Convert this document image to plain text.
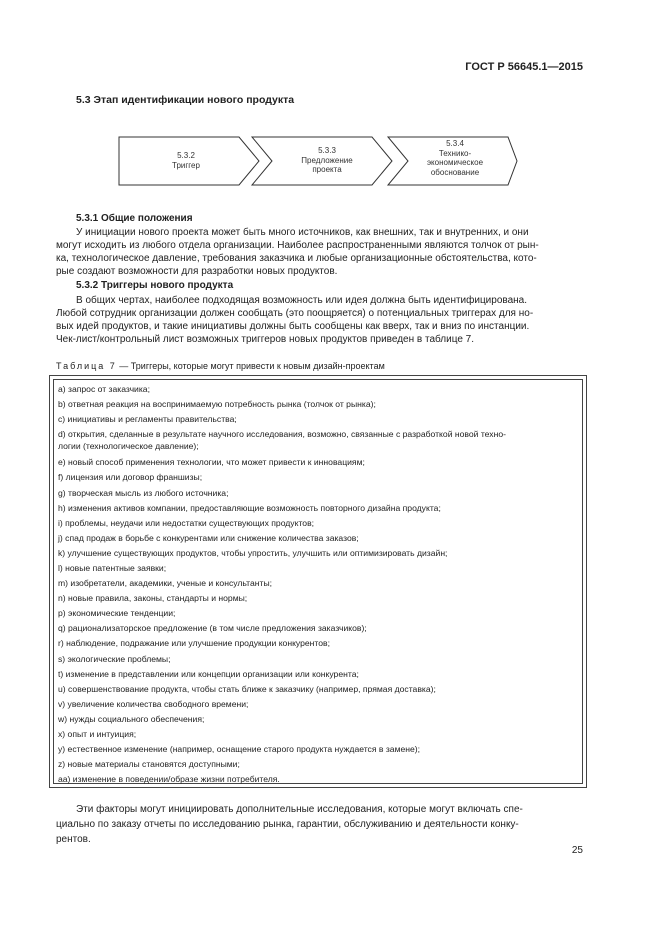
ГОСТ Р 56645.1—2015
5.3 Этап идентификации нового продукта
5.3.2
Триггер
5.3.3
Предложение
проекта
5.3.4
Технико-
экономическое
обоснование
5.3.1 Общие положения
У инициации нового проекта может быть много источников, как внешних, так и внутренних, и они
могут исходить из любого отдела организации. Наиболее распространенными являются толчок от рын-
ка, технологическое давление, требования заказчика и любые организационные обстоятельства, кото-
рые создают возможности для разработки новых продуктов.
5.3.2 Триггеры нового продукта
В общих чертах, наиболее подходящая возможность или идея должна быть идентифицирована.
Любой сотрудник организации должен сообщать (это поощряется) о потенциальных триггерах для но-
вых идей продуктов, и такие инициативы должны быть сообщены как вверх, так и вниз по инстанции.
Чек-лист/контрольный лист возможных триггеров новых продуктов приведен в таблице 7.
Таблица 7 — Триггеры, которые могут привести к новым дизайн-проектам
a) запрос от заказчика;
b) ответная реакция на воспринимаемую потребность рынка (толчок от рынка);
c) инициативы и регламенты правительства;
d) открытия, сделанные в результате научного исследования, возможно, связанные с разработкой новой техно-
логии (технологическое давление);
e) новый способ применения технологии, что может привести к инновациям;
f) лицензия или договор франшизы;
g) творческая мысль из любого источника;
h) изменения активов компании, предоставляющие возможность повторного дизайна продукта;
i) проблемы, неудачи или недостатки существующих продуктов;
j) спад продаж в борьбе с конкурентами или снижение количества заказов;
k) улучшение существующих продуктов, чтобы упростить, улучшить или оптимизировать дизайн;
l) новые патентные заявки;
m) изобретатели, академики, ученые и консультанты;
n) новые правила, законы, стандарты и нормы;
p) экономические тенденции;
q) рационализаторское предложение (в том числе предложения заказчиков);
r) наблюдение, подражание или улучшение продукции конкурентов;
s) экологические проблемы;
t) изменение в представлении или концепции организации или конкурента;
u) совершенствование продукта, чтобы стать ближе к заказчику (например, прямая доставка);
v) увеличение количества свободного времени;
w) нужды социального обеспечения;
x) опыт и интуиция;
y) естественное изменение (например, оснащение старого продукта нуждается в замене);
z) новые материалы становятся доступными;
aa) изменение в поведении/образе жизни потребителя.
Эти факторы могут инициировать дополнительные исследования, которые могут включать спе-
циально по заказу отчеты по исследованию рынка, гарантии, обслуживанию и деятельности конку-
рентов.
25
